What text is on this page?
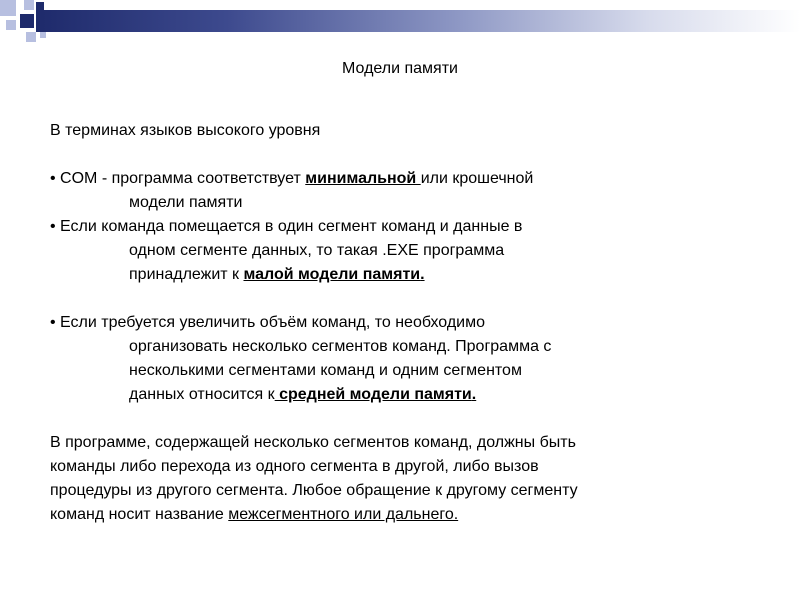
Модели памяти
В терминах языков высокого уровня
• COM - программа соответствует минимальной или крошечной
модели памяти
• Если команда помещается в один сегмент команд и данные в
одном сегменте данных, то такая .EXE программа
принадлежит к малой модели памяти.
• Если требуется увеличить объём команд, то необходимо
организовать несколько сегментов команд. Программа с
несколькими сегментами команд и одним сегментом
данных относится к средней модели памяти.
В программе, содержащей несколько сегментов команд, должны быть
команды либо перехода из одного сегмента в другой, либо вызов
процедуры из другого сегмента. Любое обращение к другому сегменту
команд носит название межсегментного или дальнего.
